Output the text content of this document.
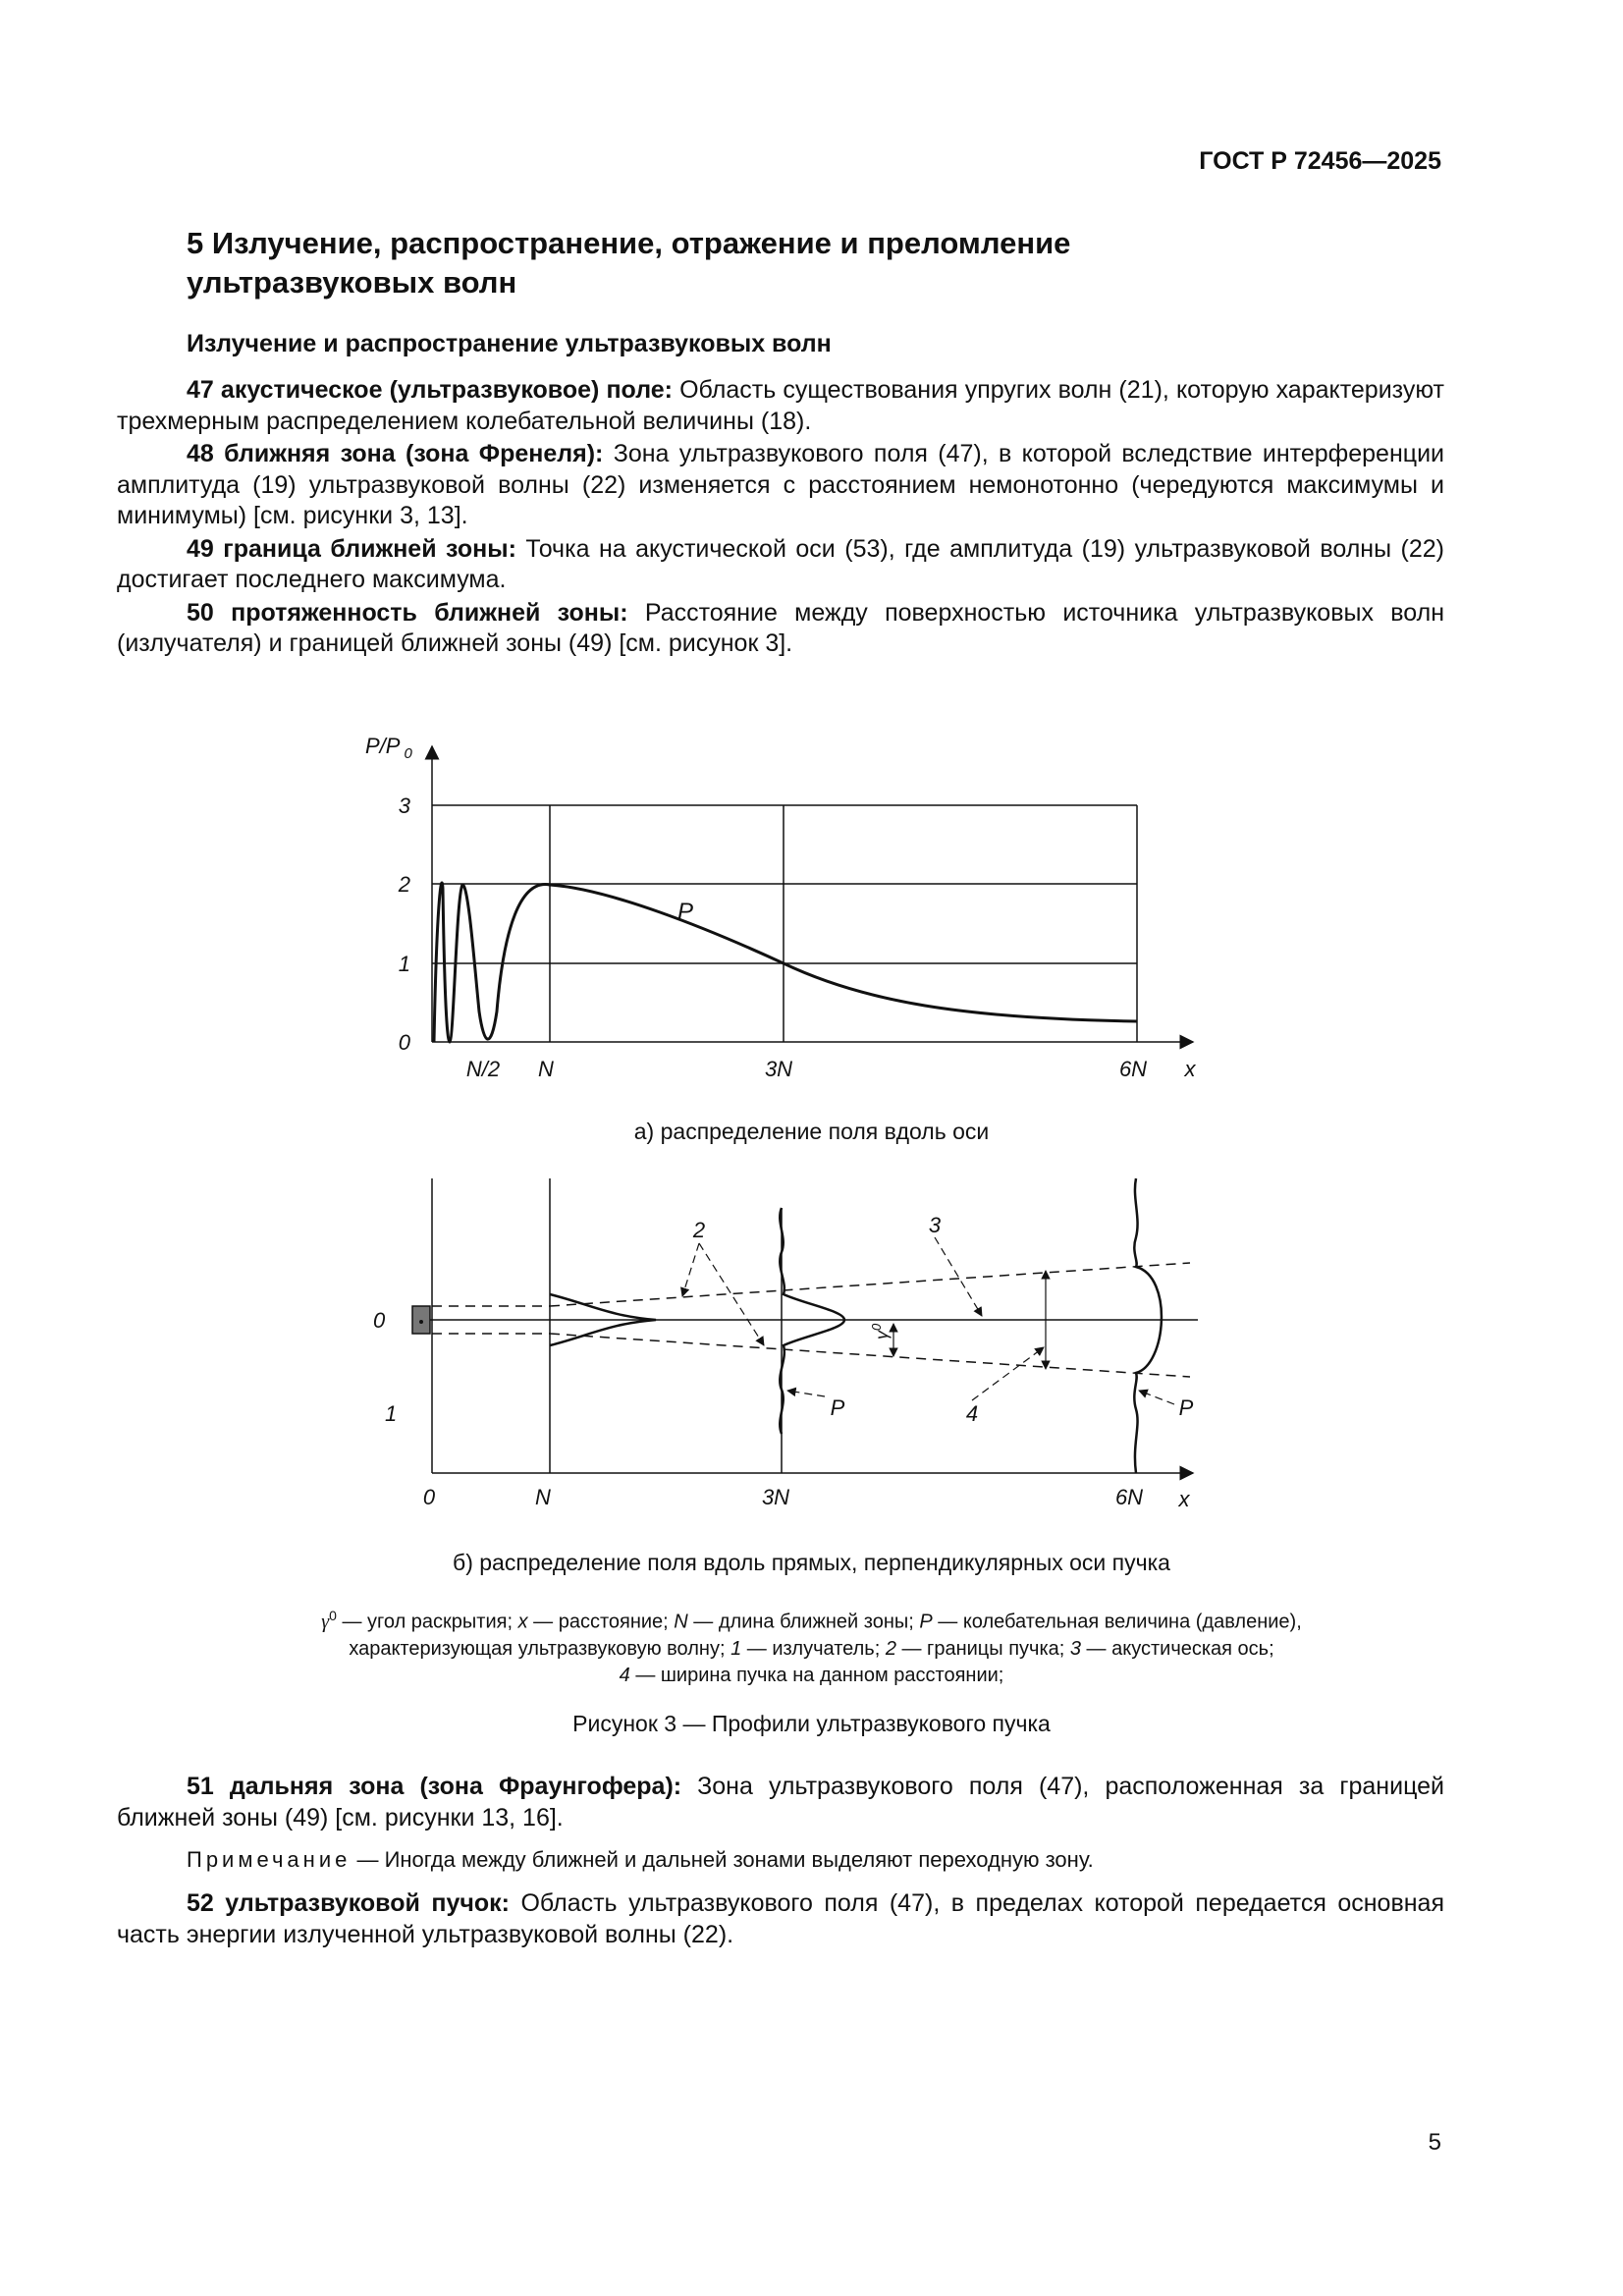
ГОСТ Р 72456—2025
5 Излучение, распространение, отражение и преломление
ультразвуковых волн
Излучение и распространение ультразвуковых волн

47 акустическое (ультразвуковое) поле: Область существования упругих волн (21), которую характеризуют трехмерным распределением колебательной величины (18).

48 ближняя зона (зона Френеля): Зона ультразвукового поля (47), в которой вследствие интерференции амплитуда (19) ультразвуковой волны (22) изменяется с расстоянием немонотонно (чередуются максимумы и минимумы) [см. рисунки 3, 13].

49 граница ближней зоны: Точка на акустической оси (53), где амплитуда (19) ультразвуковой волны (22) достигает последнего максимума.

50 протяженность ближней зоны: Расстояние между поверхностью источника ультразвуковых волн (излучателя) и границей ближней зоны (49) [см. рисунок 3].

P/P $_0$
3
2
1
0
N/2 N	3N	6N x
P
а) распределение поля вдоль оси
0
1
2	3
4
P	P
$\gamma^0$
0	N	3N	6N x
б) распределение поля вдоль прямых, перпендикулярных оси пучка
$\gamma^0$ — угол раскрытия; x — расстояние; N — длина ближней зоны; P — колебательная величина (давление),
характеризующая ультразвуковую волну; 1 — излучатель; 2 — границы пучка; 3 — акустическая ось;
4 — ширина пучка на данном расстоянии;
Рисунок 3 — Профили ультразвукового пучка

51 дальняя зона (зона Фраунгофера): Зона ультразвукового поля (47), расположенная за границей ближней зоны (49) [см. рисунки 13, 16].

Примечание — Иногда между ближней и дальней зонами выделяют переходную зону.

52 ультразвуковой пучок: Область ультразвукового поля (47), в пределах которой передается основная часть энергии излученной ультразвуковой волны (22).

5
